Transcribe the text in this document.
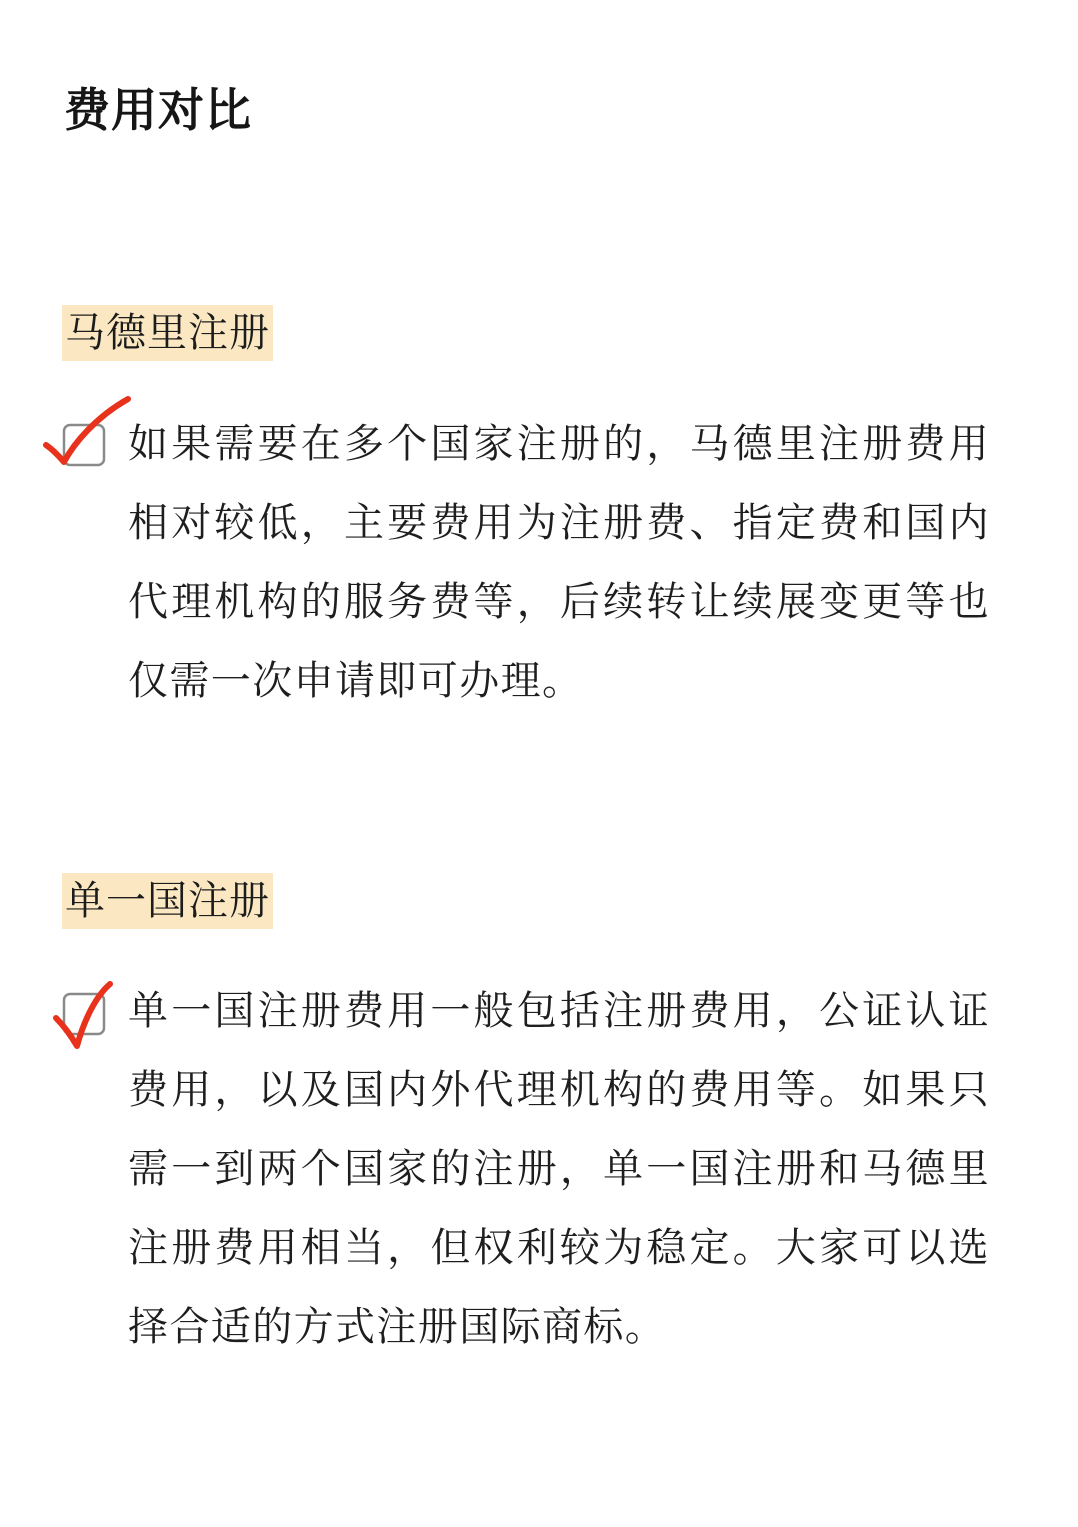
费用对比
马德里注册
如果需要在多个国家注册的，马德里注册费用相对较低，主要费用为注册费、指定费和国内代理机构的服务费等，后续转让续展变更等也仅需一次申请即可办理。
单一国注册
单一国注册费用一般包括注册费用，公证认证费用，以及国内外代理机构的费用等。如果只需一到两个国家的注册，单一国注册和马德里注册费用相当，但权利较为稳定。大家可以选择合适的方式注册国际商标。
